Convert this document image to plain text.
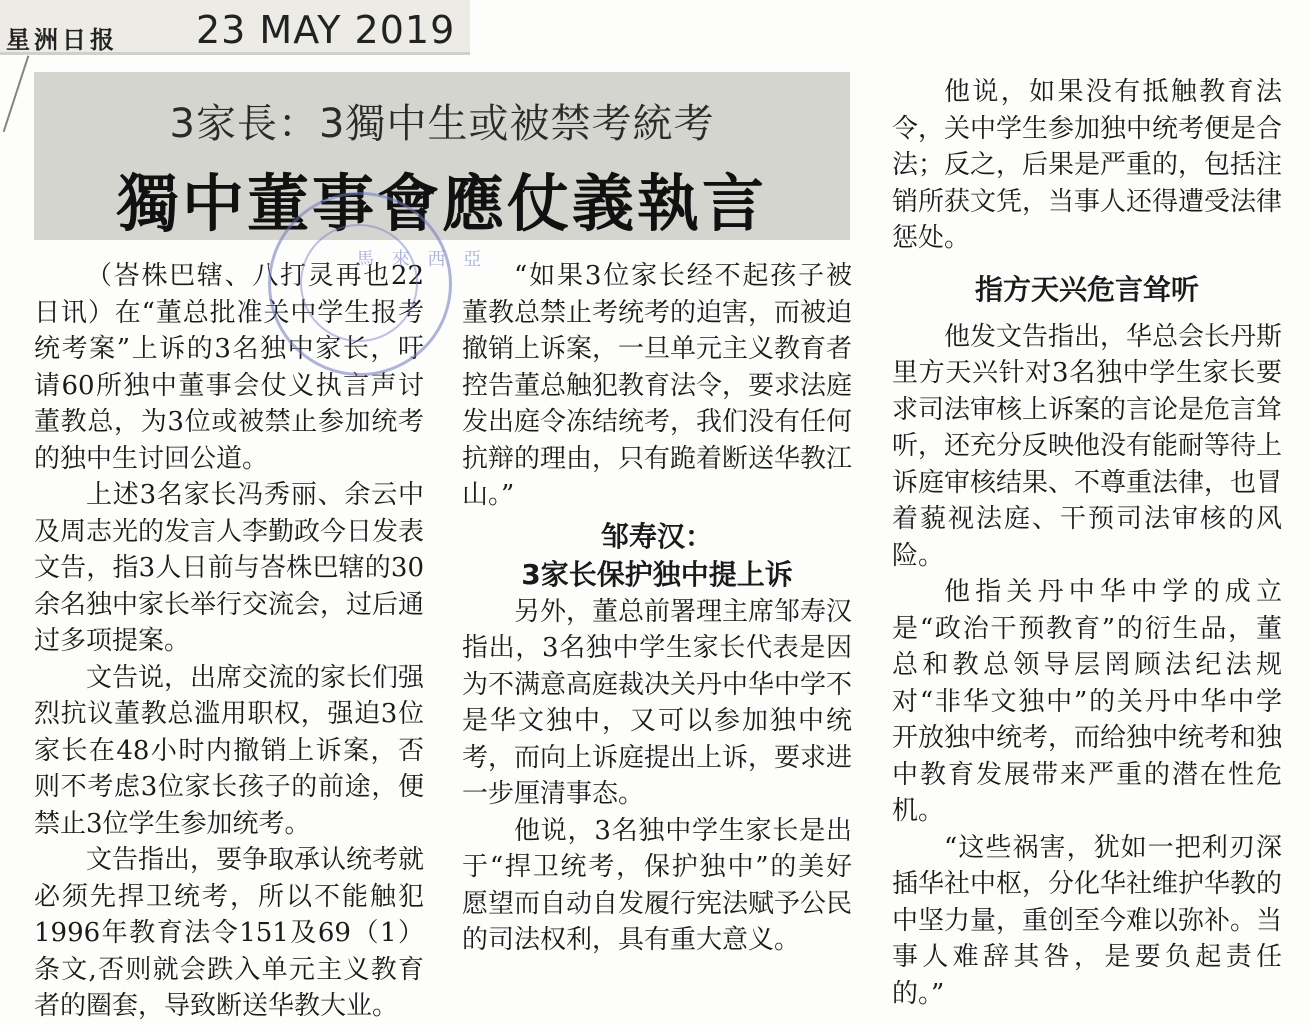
星洲日报 23 MAY 2019
3家長：3獨中生或被禁考統考
獨中董事會應仗義執言

（峇株巴辖、八打灵再也22日讯）在“董总批准关中学生报考统考案”上诉的3名独中家长，吁请60所独中董事会仗义执言声讨董教总，为3位或被禁止参加统考的独中生讨回公道。

上述3名家长冯秀丽、余云中及周志光的发言人李勤政今日发表文告，指3人日前与峇株巴辖的30余名独中家长举行交流会，过后通过多项提案。

文告说，出席交流的家长们强烈抗议董教总滥用职权，强迫3位家长在48小时内撤销上诉案，否则不考虑3位家长孩子的前途，便禁止3位学生参加统考。

文告指出，要争取承认统考就必须先捍卫统考，所以不能触犯1996年教育法令151及69（1）条文,否则就会跌入单元主义教育者的圈套，导致断送华教大业。

“如果3位家长经不起孩子被董教总禁止考统考的迫害，而被迫撤销上诉案，一旦单元主义教育者控告董总触犯教育法令，要求法庭发出庭令冻结统考，我们没有任何抗辩的理由，只有跪着断送华教江山。”

邹寿汉：
3家长保护独中提上诉

另外，董总前署理主席邹寿汉指出，3名独中学生家长代表是因为不满意高庭裁决关丹中华中学不是华文独中，又可以参加独中统考，而向上诉庭提出上诉，要求进一步厘清事态。

他说，3名独中学生家长是出于“捍卫统考，保护独中”的美好愿望而自动自发履行宪法赋予公民的司法权利，具有重大意义。

他说，如果没有抵触教育法令，关中学生参加独中统考便是合法；反之，后果是严重的，包括注销所获文凭，当事人还得遭受法律惩处。

指方天兴危言耸听

他发文告指出，华总会长丹斯里方天兴针对3名独中学生家长要求司法审核上诉案的言论是危言耸听，还充分反映他没有能耐等待上诉庭审核结果、不尊重法律，也冒着藐视法庭、干预司法审核的风险。

他指关丹中华中学的成立是“政治干预教育”的衍生品，董总和教总领导层罔顾法纪法规对“非华文独中”的关丹中华中学开放独中统考，而给独中统考和独中教育发展带来严重的潜在性危机。

“这些祸害，犹如一把利刃深插华社中枢，分化华社维护华教的中坚力量，重创至今难以弥补。当事人难辞其咎，是要负起责任的。”

馬 來 西 亞
